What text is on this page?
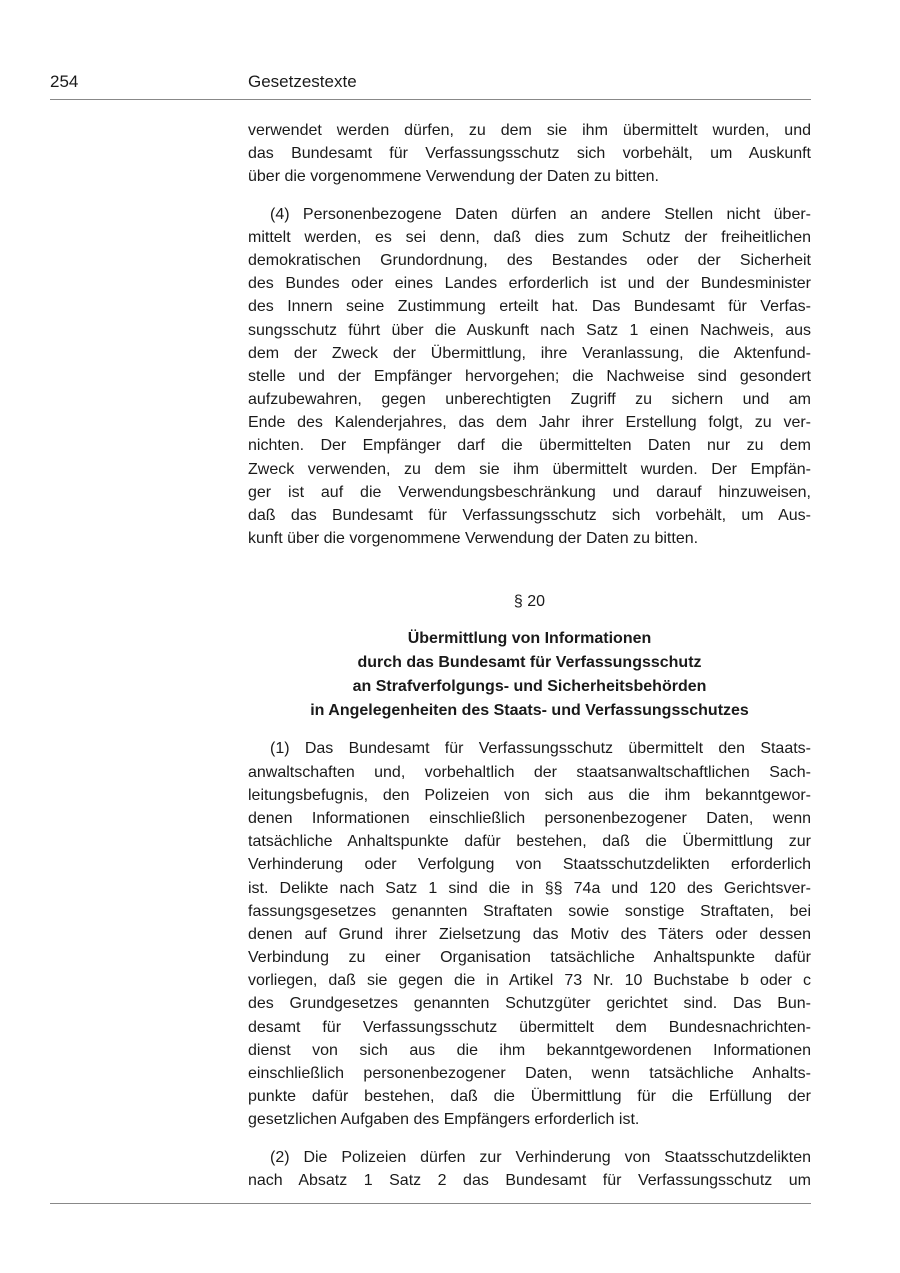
254	Gesetzestexte
verwendet werden dürfen, zu dem sie ihm übermittelt wurden, und
das Bundesamt für Verfassungsschutz sich vorbehält, um Auskunft
über die vorgenommene Verwendung der Daten zu bitten.
(4) Personenbezogene Daten dürfen an andere Stellen nicht über-
mittelt werden, es sei denn, daß dies zum Schutz der freiheitlichen
demokratischen Grundordnung, des Bestandes oder der Sicherheit
des Bundes oder eines Landes erforderlich ist und der Bundesminister
des Innern seine Zustimmung erteilt hat. Das Bundesamt für Verfas-
sungsschutz führt über die Auskunft nach Satz 1 einen Nachweis, aus
dem der Zweck der Übermittlung, ihre Veranlassung, die Aktenfund-
stelle und der Empfänger hervorgehen; die Nachweise sind gesondert
aufzubewahren, gegen unberechtigten Zugriff zu sichern und am
Ende des Kalenderjahres, das dem Jahr ihrer Erstellung folgt, zu ver-
nichten. Der Empfänger darf die übermittelten Daten nur zu dem
Zweck verwenden, zu dem sie ihm übermittelt wurden. Der Empfän-
ger ist auf die Verwendungsbeschränkung und darauf hinzuweisen,
daß das Bundesamt für Verfassungsschutz sich vorbehält, um Aus-
kunft über die vorgenommene Verwendung der Daten zu bitten.
§ 20
Übermittlung von Informationen
durch das Bundesamt für Verfassungsschutz
an Strafverfolgungs- und Sicherheitsbehörden
in Angelegenheiten des Staats- und Verfassungsschutzes
(1) Das Bundesamt für Verfassungsschutz übermittelt den Staats-
anwaltschaften und, vorbehaltlich der staatsanwaltschaftlichen Sach-
leitungsbefugnis, den Polizeien von sich aus die ihm bekanntgewor-
denen Informationen einschließlich personenbezogener Daten, wenn
tatsächliche Anhaltspunkte dafür bestehen, daß die Übermittlung zur
Verhinderung oder Verfolgung von Staatsschutzdelikten erforderlich
ist. Delikte nach Satz 1 sind die in §§ 74a und 120 des Gerichtsver-
fassungsgesetzes genannten Straftaten sowie sonstige Straftaten, bei
denen auf Grund ihrer Zielsetzung das Motiv des Täters oder dessen
Verbindung zu einer Organisation tatsächliche Anhaltspunkte dafür
vorliegen, daß sie gegen die in Artikel 73 Nr. 10 Buchstabe b oder c
des Grundgesetzes genannten Schutzgüter gerichtet sind. Das Bun-
desamt für Verfassungsschutz übermittelt dem Bundesnachrichten-
dienst von sich aus die ihm bekanntgewordenen Informationen
einschließlich personenbezogener Daten, wenn tatsächliche Anhalts-
punkte dafür bestehen, daß die Übermittlung für die Erfüllung der
gesetzlichen Aufgaben des Empfängers erforderlich ist.
(2) Die Polizeien dürfen zur Verhinderung von Staatsschutzdelikten
nach Absatz 1 Satz 2 das Bundesamt für Verfassungsschutz um
